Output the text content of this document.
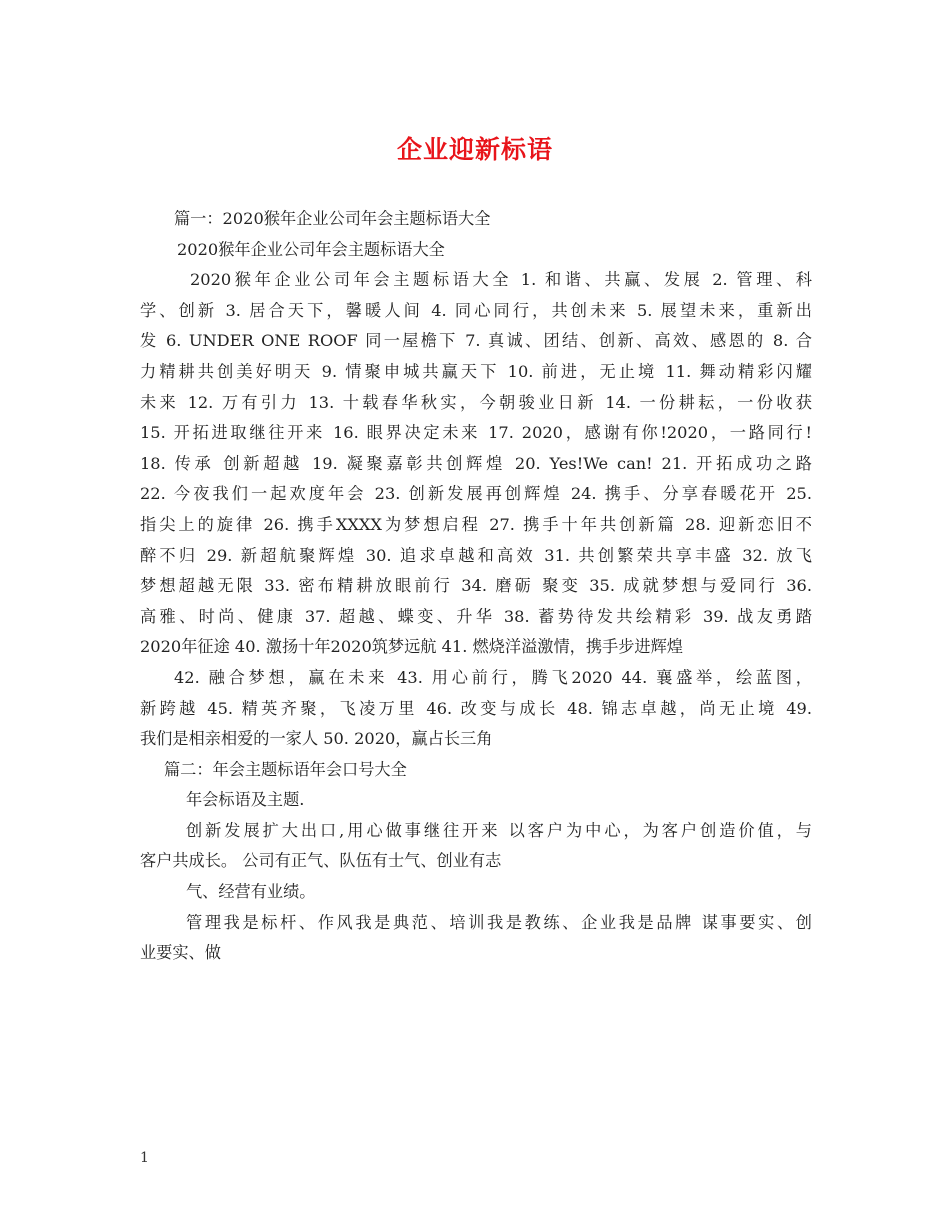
企业迎新标语
篇一：2020猴年企业公司年会主题标语大全
2020猴年企业公司年会主题标语大全
2020猴年企业公司年会主题标语大全 1. 和谐、共赢、发展 2. 管理、科
学、创新 3. 居合天下，馨暖人间 4. 同心同行，共创未来 5. 展望未来，重新出
发 6. UNDER ONE ROOF 同一屋檐下 7. 真诚、团结、创新、高效、感恩的 8. 合
力精耕共创美好明天 9. 情聚申城共赢天下 10. 前进，无止境 11. 舞动精彩闪耀
未来 12. 万有引力 13. 十载春华秋实，今朝骏业日新 14. 一份耕耘，一份收获
15. 开拓进取继往开来 16. 眼界决定未来 17. 2020，感谢有你!2020，一路同行!
18. 传承 创新超越 19. 凝聚嘉彰共创辉煌 20. Yes!We can! 21. 开拓成功之路
22. 今夜我们一起欢度年会 23. 创新发展再创辉煌 24. 携手、分享春暖花开 25.
指尖上的旋律 26. 携手XXXX为梦想启程 27. 携手十年共创新篇 28. 迎新恋旧不
醉不归 29. 新超航聚辉煌 30. 追求卓越和高效 31. 共创繁荣共享丰盛 32. 放飞
梦想超越无限 33. 密布精耕放眼前行 34. 磨砺 聚变 35. 成就梦想与爱同行 36.
高雅、时尚、健康 37. 超越、蝶变、升华 38. 蓄势待发共绘精彩 39. 战友勇踏
2020年征途 40. 激扬十年2020筑梦远航 41. 燃烧洋溢激情，携手步进辉煌
42. 融合梦想，赢在未来 43. 用心前行，腾飞2020 44. 襄盛举，绘蓝图，
新跨越 45. 精英齐聚，飞凌万里 46. 改变与成长 48. 锦志卓越，尚无止境 49.
我们是相亲相爱的一家人 50. 2020，赢占长三角
篇二：年会主题标语年会口号大全
年会标语及主题.
创新发展扩大出口,用心做事继往开来 以客户为中心，为客户创造价值，与
客户共成长。 公司有正气、队伍有士气、创业有志
气、经营有业绩。
管理我是标杆、作风我是典范、培训我是教练、企业我是品牌 谋事要实、创
业要实、做
1
